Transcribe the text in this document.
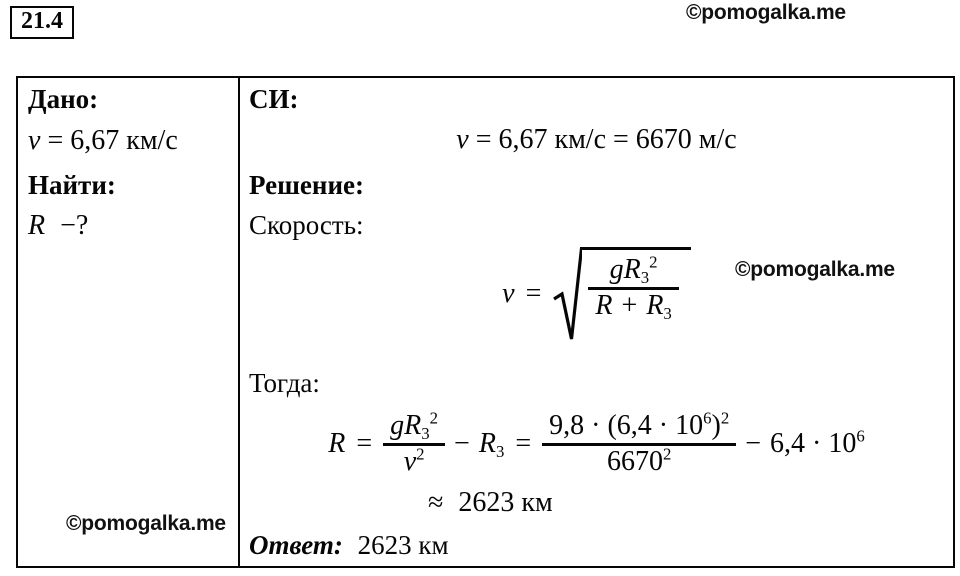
21.4	©pomogalka.me
Дано:
v = 6,67 км/с
Найти:
R −?
©pomogalka.me
СИ:
v = 6,67 км/с = 6670 м/с
Решение:
Скорость:
$v = \frac{gR_3^2}{R + R_3}$	©pomogalka.me
Тогда:
$R = \frac{gR_3^2}{v^2} - R_3 = \frac{9,8 \cdot (6,4 \cdot 10^6)^2}{6670^2} - 6,4 \cdot 10^6$
≈ 2623 км
Ответ: 2623 км
